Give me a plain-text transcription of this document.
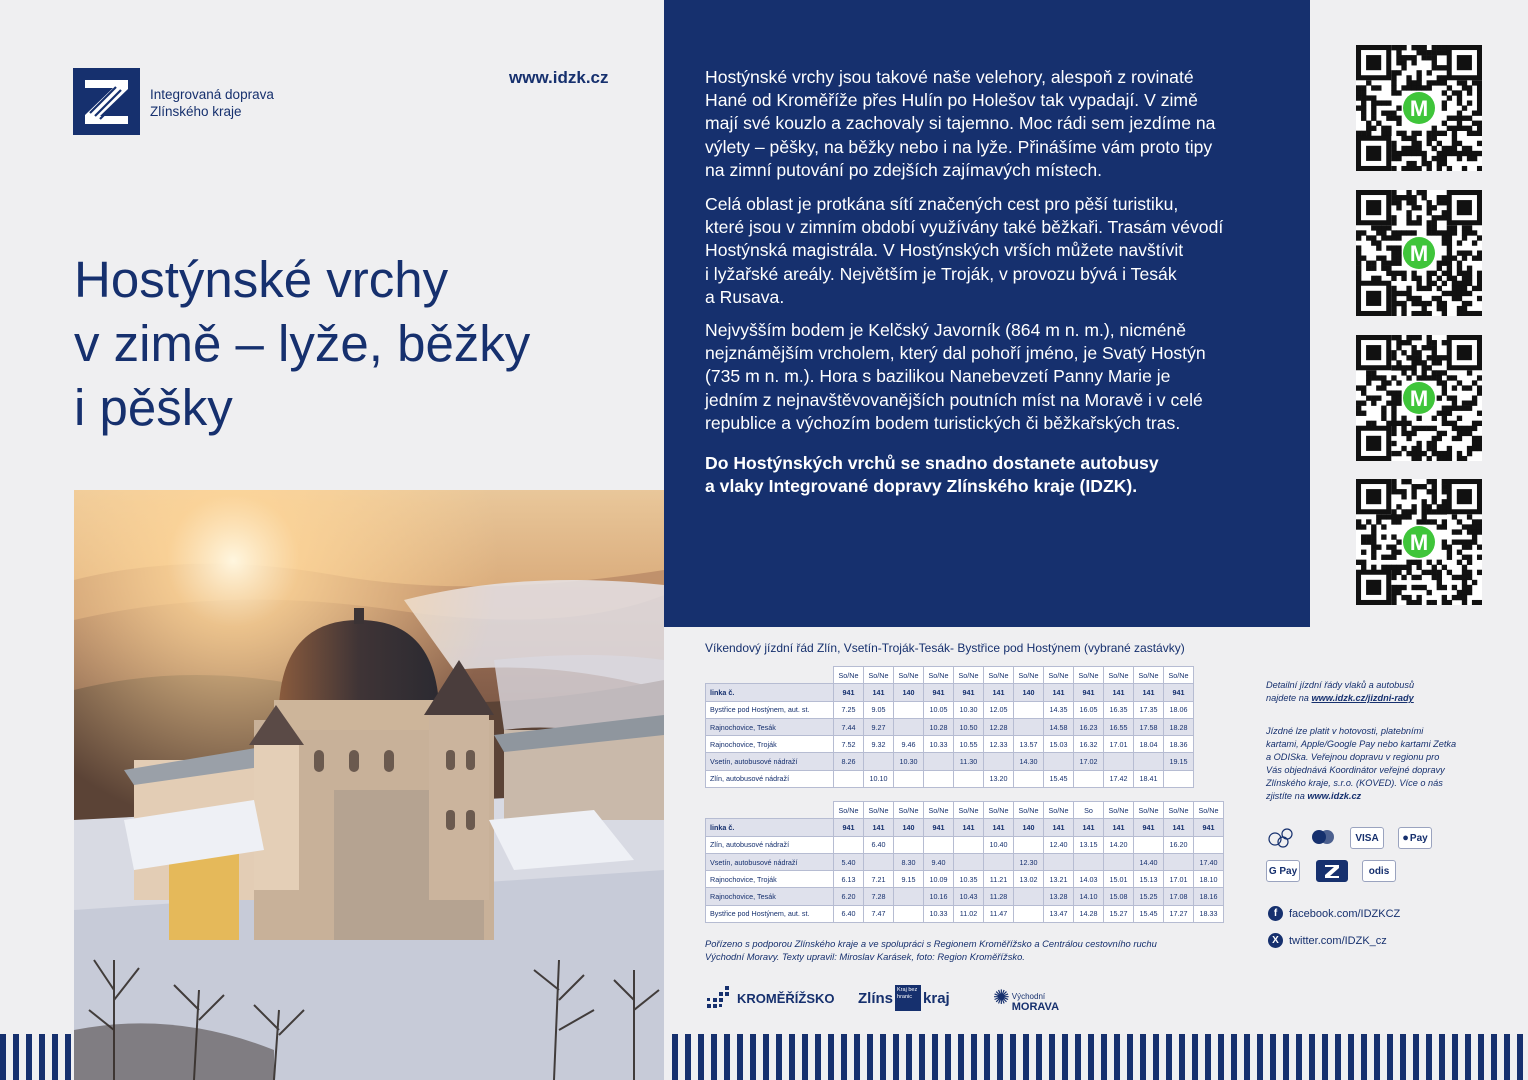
Integrovaná doprava
Zlínského kraje
www.idzk.cz
Hostýnské vrchy
v zimě – lyže, běžky
i pěšky
Hostýnské vrchy jsou takové naše velehory, alespoň z rovinaté
Hané od Kroměříže přes Hulín po Holešov tak vypadají. V zimě
mají své kouzlo a zachovaly si tajemno. Moc rádi sem jezdíme na
výlety – pěšky, na běžky nebo i na lyže. Přinášíme vám proto tipy
na zimní putování po zdejších zajímavých místech.
Celá oblast je protkána sítí značených cest pro pěší turistiku,
které jsou v zimním období využívány také běžkaři. Trasám vévodí
Hostýnská magistrála. V Hostýnských vrších můžete navštívit
i lyžařské areály. Největším je Troják, v provozu bývá i Tesák
a Rusava.
Nejvyšším bodem je Kelčský Javorník (864 m n. m.), nicméně
nejznámějším vrcholem, který dal pohoří jméno, je Svatý Hostýn
(735 m n. m.). Hora s bazilikou Nanebevzetí Panny Marie je
jedním z nejnavštěvovanějších poutních míst na Moravě i v celé
republice a výchozím bodem turistických či běžkařských tras.
Do Hostýnských vrchů se snadno dostanete autobusy
a vlaky Integrované dopravy Zlínského kraje (IDZK).
M
M
M
M
Víkendový jízdní řád Zlín, Vsetín-Troják-Tesák- Bystřice pod Hostýnem (vybrané zastávky)
	So/Ne	So/Ne	So/Ne	So/Ne	So/Ne	So/Ne	So/Ne	So/Ne	So/Ne	So/Ne	So/Ne	So/Ne
linka č.	941	141	140	941	941	141	140	141	941	141	141	941
Bystřice pod Hostýnem, aut. st.	7.25	9.05		10.05	10.30	12.05		14.35	16.05	16.35	17.35	18.06
Rajnochovice, Tesák	7.44	9.27		10.28	10.50	12.28		14.58	16.23	16.55	17.58	18.28
Rajnochovice, Troják	7.52	9.32	9.46	10.33	10.55	12.33	13.57	15.03	16.32	17.01	18.04	18.36
Vsetín, autobusové nádraží	8.26		10.30		11.30		14.30		17.02			19.15
Zlín, autobusové nádraží		10.10				13.20		15.45		17.42	18.41	
	So/Ne	So/Ne	So/Ne	So/Ne	So/Ne	So/Ne	So/Ne	So/Ne	So	So/Ne	So/Ne	So/Ne	So/Ne
linka č.	941	141	140	941	141	141	140	141	141	141	941	141	941
Zlín, autobusové nádraží		6.40				10.40		12.40	13.15	14.20		16.20	
Vsetín, autobusové nádraží	5.40		8.30	9.40			12.30				14.40		17.40
Rajnochovice, Troják	6.13	7.21	9.15	10.09	10.35	11.21	13.02	13.21	14.03	15.01	15.13	17.01	18.10
Rajnochovice, Tesák	6.20	7.28		10.16	10.43	11.28		13.28	14.10	15.08	15.25	17.08	18.16
Bystřice pod Hostýnem, aut. st.	6.40	7.47		10.33	11.02	11.47		13.47	14.28	15.27	15.45	17.27	18.33
Pořízeno s podporou Zlínského kraje a ve spolupráci s Regionem Kroměřížsko a Centrálou cestovního ruchu
Východní Moravy. Texty upravil: Miroslav Karásek, foto: Region Kroměřížsko.
Detailní jízdní řády vlaků a autobusů
najdete na www.idzk.cz/jizdni-rady
Jízdné lze platit v hotovosti, platebními
kartami, Apple/Google Pay nebo kartami Zetka
a ODISka. Veřejnou dopravu v regionu pro
Vás objednává Koordinátor veřejné dopravy
Zlínského kraje, s.r.o. (KOVED). Více o nás
zjistíte na www.idzk.cz
VISA	● Pay
G Pay	odis
f	facebook.com/IDZKCZ
X twitter.com/IDZK_cz
KROMĚŘÍŽSKO Zlíns Kraj bez hranic kraj ✺ Východní
MORAVA
